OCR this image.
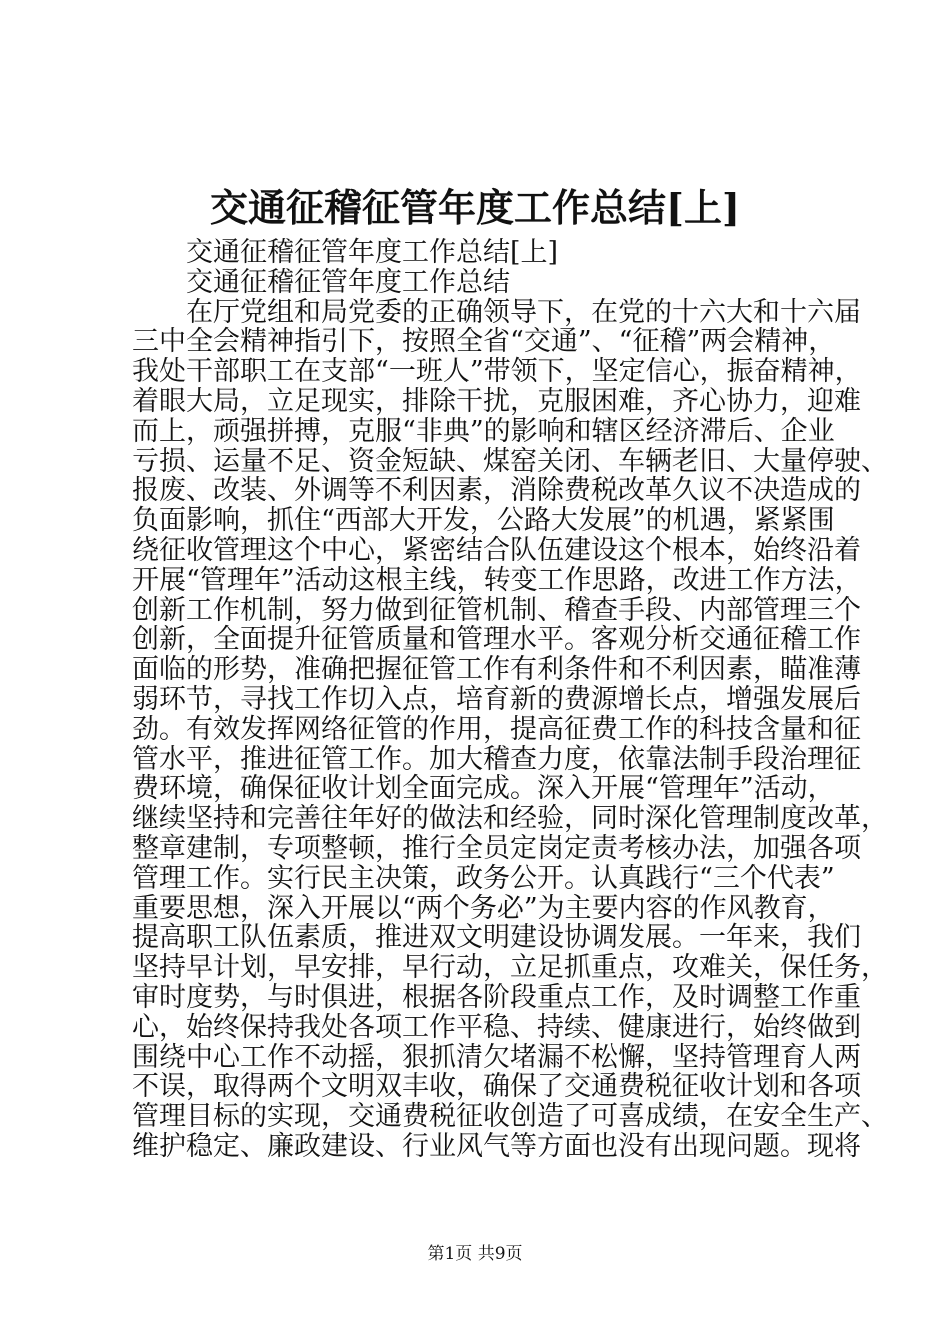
交通征稽征管年度工作总结[上]
交通征稽征管年度工作总结[上]
交通征稽征管年度工作总结
在 厅 党 组 和 局 党 委 的 正 确 领 导 下 ， 在 党 的 十 六 大 和 十 六 届
三 中 全 会 精 神 指 引 下 ， 按 照 全 省 “ 交 通 ” 、 “ 征 稽 ” 两 会 精 神 ，
我 处 干 部 职 工 在 支 部 “ 一 班 人 ” 带 领 下 ， 坚 定 信 心 ， 振 奋 精 神 ，
着 眼 大 局 ， 立 足 现 实 ， 排 除 干 扰 ， 克 服 困 难 ， 齐 心 协 力 ， 迎 难
而 上 ， 顽 强 拼 搏 ， 克 服 “ 非 典 ” 的 影 响 和 辖 区 经 济 滞 后 、 企 业
亏 损 、 运 量 不 足 、 资 金 短 缺 、 煤 窑 关 闭 、 车 辆 老 旧 、 大 量 停 驶 、
报 废 、 改 装 、 外 调 等 不 利 因 素 ， 消 除 费 税 改 革 久 议 不 决 造 成 的
负 面 影 响 ， 抓 住 “ 西 部 大 开 发 ， 公 路 大 发 展 ” 的 机 遇 ， 紧 紧 围
绕 征 收 管 理 这 个 中 心 ， 紧 密 结 合 队 伍 建 设 这 个 根 本 ， 始 终 沿 着
开 展 “ 管 理 年 ” 活 动 这 根 主 线 ， 转 变 工 作 思 路 ， 改 进 工 作 方 法 ，
创 新 工 作 机 制 ， 努 力 做 到 征 管 机 制 、 稽 查 手 段 、 内 部 管 理 三 个
创 新 ， 全 面 提 升 征 管 质 量 和 管 理 水 平 。 客 观 分 析 交 通 征 稽 工 作
面 临 的 形 势 ， 准 确 把 握 征 管 工 作 有 利 条 件 和 不 利 因 素 ， 瞄 准 薄
弱 环 节 ， 寻 找 工 作 切 入 点 ， 培 育 新 的 费 源 增 长 点 ， 增 强 发 展 后
劲 。 有 效 发 挥 网 络 征 管 的 作 用 ， 提 高 征 费 工 作 的 科 技 含 量 和 征
管 水 平 ， 推 进 征 管 工 作 。 加 大 稽 查 力 度 ， 依 靠 法 制 手 段 治 理 征
费 环 境 ， 确 保 征 收 计 划 全 面 完 成 。 深 入 开 展 “ 管 理 年 ” 活 动 ，
继 续 坚 持 和 完 善 往 年 好 的 做 法 和 经 验 ， 同 时 深 化 管 理 制 度 改 革 ，
整 章 建 制 ， 专 项 整 顿 ， 推 行 全 员 定 岗 定 责 考 核 办 法 ， 加 强 各 项
管 理 工 作 。 实 行 民 主 决 策 ， 政 务 公 开 。 认 真 践 行 “ 三 个 代 表 ”
重 要 思 想 ， 深 入 开 展 以 “ 两 个 务 必 ” 为 主 要 内 容 的 作 风 教 育 ，
提 高 职 工 队 伍 素 质 ， 推 进 双 文 明 建 设 协 调 发 展 。 一 年 来 ， 我 们
坚 持 早 计 划 ， 早 安 排 ， 早 行 动 ， 立 足 抓 重 点 ， 攻 难 关 ， 保 任 务 ，
审 时 度 势 ， 与 时 俱 进 ， 根 据 各 阶 段 重 点 工 作 ， 及 时 调 整 工 作 重
心 ， 始 终 保 持 我 处 各 项 工 作 平 稳 、 持 续 、 健 康 进 行 ， 始 终 做 到
围 绕 中 心 工 作 不 动 摇 ， 狠 抓 清 欠 堵 漏 不 松 懈 ， 坚 持 管 理 育 人 两
不 误 ， 取 得 两 个 文 明 双 丰 收 ， 确 保 了 交 通 费 税 征 收 计 划 和 各 项
管 理 目 标 的 实 现 ， 交 通 费 税 征 收 创 造 了 可 喜 成 绩 ， 在 安 全 生 产 、
维 护 稳 定 、 廉 政 建 设 、 行 业 风 气 等 方 面 也 没 有 出 现 问 题 。 现 将
第1页 共9页
